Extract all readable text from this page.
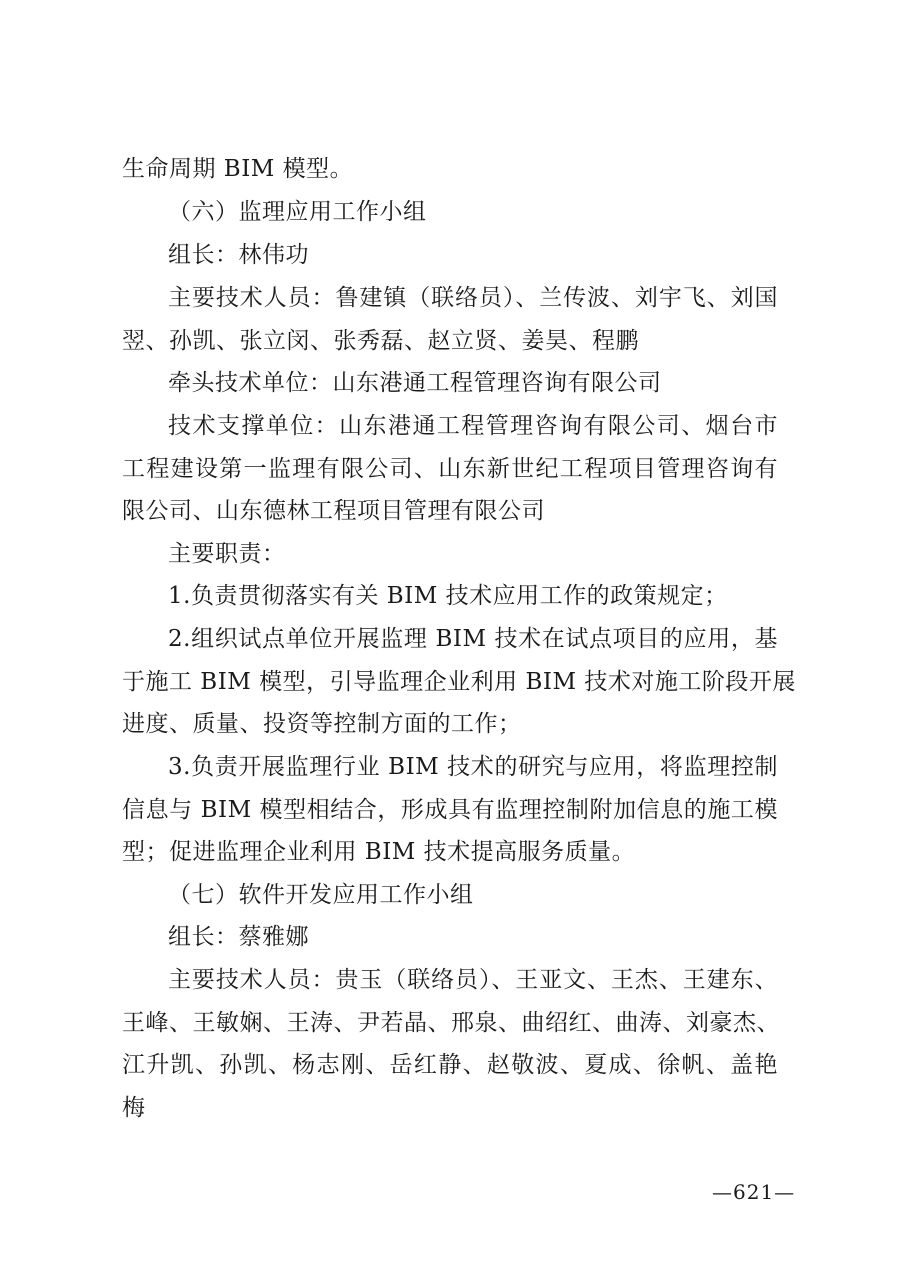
生命周期 BIM 模型。
（六）监理应用工作小组
组长：林伟功
主要技术人员：鲁建镇（联络员）、兰传波、刘宇飞、刘国
翌、孙凯、张立闵、张秀磊、赵立贤、姜昊、程鹏
牵头技术单位：山东港通工程管理咨询有限公司
技术支撑单位：山东港通工程管理咨询有限公司、烟台市
工程建设第一监理有限公司、山东新世纪工程项目管理咨询有
限公司、山东德林工程项目管理有限公司
主要职责：
1.负责贯彻落实有关 BIM 技术应用工作的政策规定；
2.组织试点单位开展监理 BIM 技术在试点项目的应用，基
于施工 BIM 模型，引导监理企业利用 BIM 技术对施工阶段开展
进度、质量、投资等控制方面的工作；
3.负责开展监理行业 BIM 技术的研究与应用，将监理控制
信息与 BIM 模型相结合，形成具有监理控制附加信息的施工模
型；促进监理企业利用 BIM 技术提高服务质量。
（七）软件开发应用工作小组
组长：蔡雅娜
主要技术人员：贵玉（联络员）、王亚文、王杰、王建东、
王峰、王敏娴、王涛、尹若晶、邢泉、曲绍红、曲涛、刘豪杰、
江升凯、孙凯、杨志刚、岳红静、赵敬波、夏成、徐帆、盖艳
梅
—621—
